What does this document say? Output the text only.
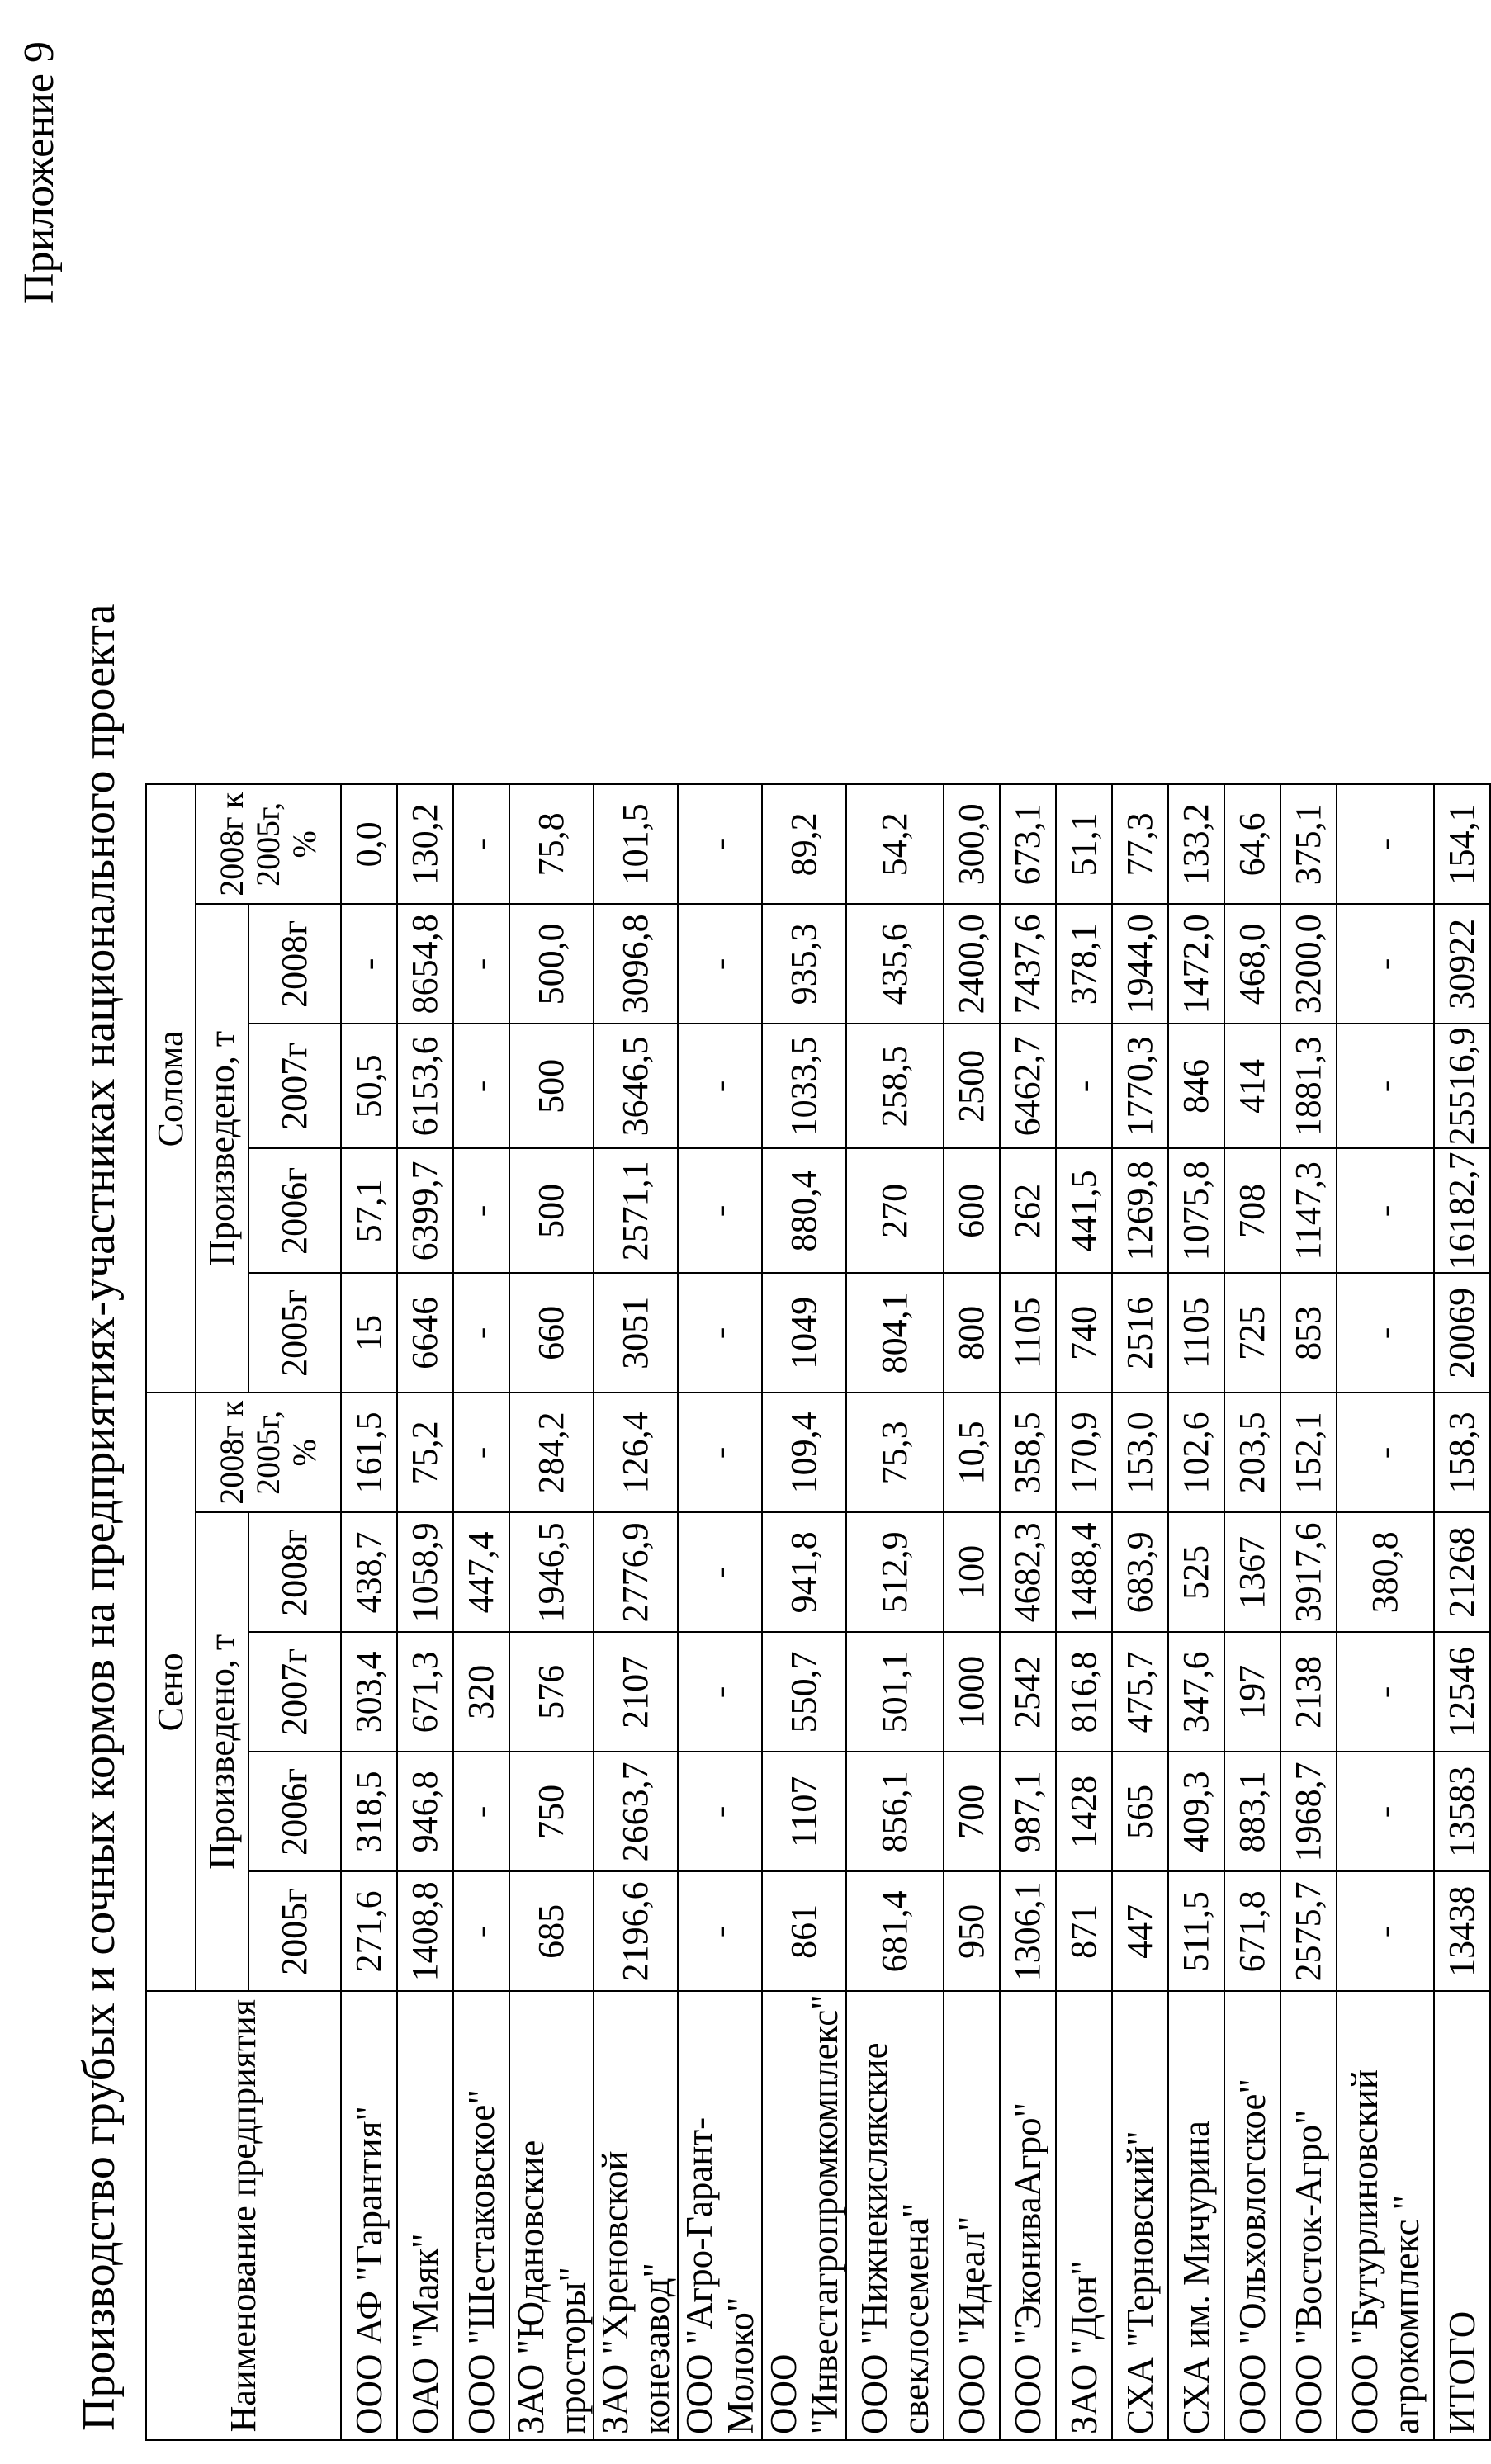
Приложение 9
Производство грубых и сочных кормов на предприятиях-участниках национального проекта	Наименование предприятия	Сено					Солома				
	Произведено, т				2008г к 2005г, %	Произведено, т				2008г к 2005г, %
	2005г	2006г	2007г	2008г		2005г	2006г	2007г	2008г	
ООО АФ "Гарантия"	271,6	318,5	303,4	438,7	161,5	15	57,1	50,5	-	0,0
ОАО "Маяк"	1408,8	946,8	671,3	1058,9	75,2	6646	6399,7	6153,6	8654,8	130,2
ООО "Шестаковское"	-	-	320	447,4	-	-	-	-	-	-
ЗАО "Юдановские просторы"	685	750	576	1946,5	284,2	660	500	500	500,0	75,8
ЗАО "Хреновской конезавод"	2196,6	2663,7	2107	2776,9	126,4	3051	2571,1	3646,5	3096,8	101,5
ООО "Агро-Гарант-Молоко"	-	-	-	-	-	-	-	-	-	-
ООО "Инвестагропромкомплекс"	861	1107	550,7	941,8	109,4	1049	880,4	1033,5	935,3	89,2
ООО "Нижнекислякские свеклосемена"	681,4	856,1	501,1	512,9	75,3	804,1	270	258,5	435,6	54,2
ООО "Идеал"	950	700	1000	100	10,5	800	600	2500	2400,0	300,0
ООО "ЭкониваАгро"	1306,1	987,1	2542	4682,3	358,5	1105	262	6462,7	7437,6	673,1
ЗАО "Дон"	871	1428	816,8	1488,4	170,9	740	441,5	-	378,1	51,1
СХА "Терновский"	447	565	475,7	683,9	153,0	2516	1269,8	1770,3	1944,0	77,3
СХА им. Мичурина	511,5	409,3	347,6	525	102,6	1105	1075,8	846	1472,0	133,2
ООО "Ольховлогское"	671,8	883,1	197	1367	203,5	725	708	414	468,0	64,6
ООО "Восток-Агро"	2575,7	1968,7	2138	3917,6	152,1	853	1147,3	1881,3	3200,0	375,1
ООО "Бутурлиновский агрокомплекс "	-	-	-	380,8	-	-	-	-	-	-
ИТОГО	13438	13583	12546	21268	158,3	20069	16182,7	25516,9	30922	154,1
